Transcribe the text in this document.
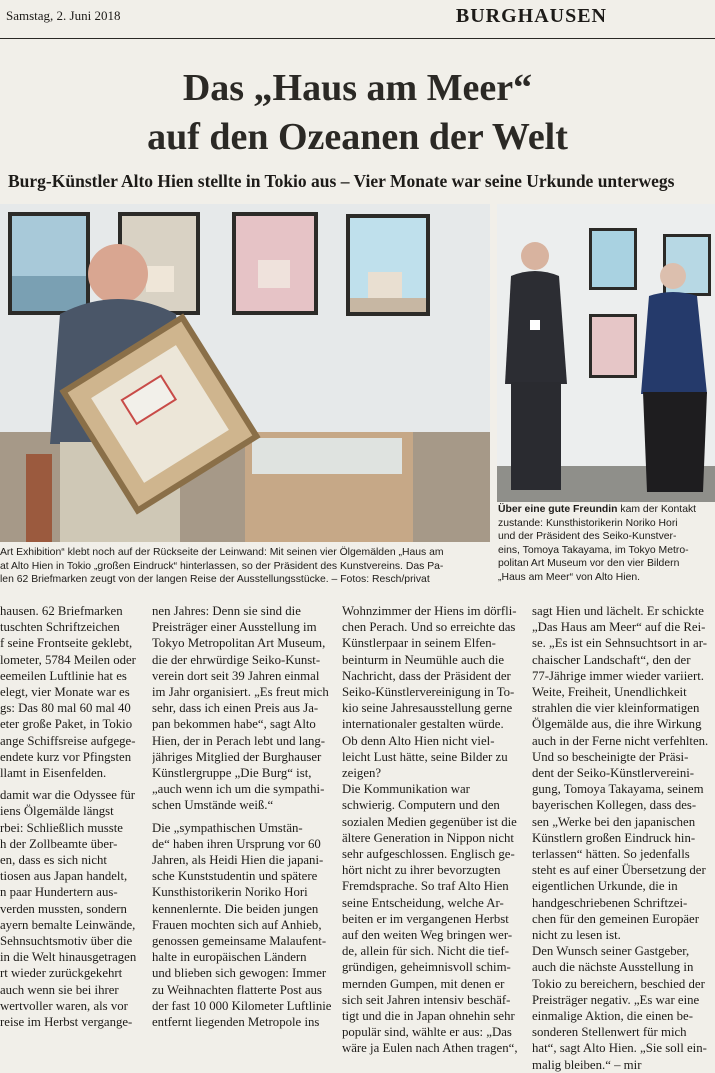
Samstag, 2. Juni 2018	BURGHAUSEN
Das „Haus am Meer“
auf den Ozeanen der Welt
Burg-Künstler Alto Hien stellte in Tokio aus – Vier Monate war seine Urkunde unterwegs
Art Exhibition“ klebt noch auf der Rückseite der Leinwand: Mit seinen vier Ölgemälden „Haus am
at Alto Hien in Tokio „großen Eindruck“ hinterlassen, so der Präsident des Kunstvereins. Das Pa-
len 62 Briefmarken zeugt von der langen Reise der Ausstellungsstücke. – Fotos: Resch/privat
Über eine gute Freundin kam der Kontakt
zustande: Kunsthistorikerin Noriko Hori
und der Präsident des Seiko-Kunstver-
eins, Tomoya Takayama, im Tokyo Metro-
politan Art Museum vor den vier Bildern
„Haus am Meer“ von Alto Hien.
hausen. 62 Briefmarken
tuschten Schriftzeichen
f seine Frontseite geklebt,
lometer, 5784 Meilen oder
eemeilen Luftlinie hat es
elegt, vier Monate war es
gs: Das 80 mal 60 mal 40
eter große Paket, in Tokio
ange Schiffsreise aufgege-
endete kurz vor Pfingsten
llamt in Eisenfelden.
damit war die Odyssee für
iens Ölgemälde längst
rbei: Schließlich musste
h der Zollbeamte über-
en, dass es sich nicht
tiosen aus Japan handelt,
n paar Hundertern aus-
verden mussten, sondern
ayern bemalte Leinwände,
Sehnsuchtsmotiv über die
in die Welt hinausgetragen
rt wieder zurückgekehrt
auch wenn sie bei ihrer
wertvoller waren, als vor
reise im Herbst vergange-
nen Jahres: Denn sie sind die
Preisträger einer Ausstellung im
Tokyo Metropolitan Art Museum,
die der ehrwürdige Seiko-Kunst-
verein dort seit 39 Jahren einmal
im Jahr organisiert. „Es freut mich
sehr, dass ich einen Preis aus Ja-
pan bekommen habe“, sagt Alto
Hien, der in Perach lebt und lang-
jähriges Mitglied der Burghauser
Künstlergruppe „Die Burg“ ist,
„auch wenn ich um die sympathi-
schen Umstände weiß.“
Die „sympathischen Umstän-
de“ haben ihren Ursprung vor 60
Jahren, als Heidi Hien die japani-
sche Kunststudentin und spätere
Kunsthistorikerin Noriko Hori
kennenlernte. Die beiden jungen
Frauen mochten sich auf Anhieb,
genossen gemeinsame Malaufent-
halte in europäischen Ländern
und blieben sich gewogen: Immer
zu Weihnachten flatterte Post aus
der fast 10 000 Kilometer Luftlinie
entfernt liegenden Metropole ins
Wohnzimmer der Hiens im dörfli-
chen Perach. Und so erreichte das
Künstlerpaar in seinem Elfen-
beinturm in Neumühle auch die
Nachricht, dass der Präsident der
Seiko-Künstlervereinigung in To-
kio seine Jahresausstellung gerne
internationaler gestalten würde.
Ob denn Alto Hien nicht viel-
leicht Lust hätte, seine Bilder zu
zeigen?
Die Kommunikation war
schwierig. Computern und den
sozialen Medien gegenüber ist die
ältere Generation in Nippon nicht
sehr aufgeschlossen. Englisch ge-
hört nicht zu ihrer bevorzugten
Fremdsprache. So traf Alto Hien
seine Entscheidung, welche Ar-
beiten er im vergangenen Herbst
auf den weiten Weg bringen wer-
de, allein für sich. Nicht die tief-
gründigen, geheimnisvoll schim-
mernden Gumpen, mit denen er
sich seit Jahren intensiv beschäf-
tigt und die in Japan ohnehin sehr
populär sind, wählte er aus: „Das
wäre ja Eulen nach Athen tragen“,
sagt Hien und lächelt. Er schickte
„Das Haus am Meer“ auf die Rei-
se. „Es ist ein Sehnsuchtsort in ar-
chaischer Landschaft“, den der
77-Jährige immer wieder variiert.
Weite, Freiheit, Unendlichkeit
strahlen die vier kleinformatigen
Ölgemälde aus, die ihre Wirkung
auch in der Ferne nicht verfehlten.
Und so bescheinigte der Präsi-
dent der Seiko-Künstlervereini-
gung, Tomoya Takayama, seinem
bayerischen Kollegen, dass des-
sen „Werke bei den japanischen
Künstlern großen Eindruck hin-
terlassen“ hätten. So jedenfalls
steht es auf einer Übersetzung der
eigentlichen Urkunde, die in
handgeschriebenen Schriftzei-
chen für den gemeinen Europäer
nicht zu lesen ist.
Den Wunsch seiner Gastgeber,
auch die nächste Ausstellung in
Tokio zu bereichern, beschied der
Preisträger negativ. „Es war eine
einmalige Aktion, die einen be-
sonderen Stellenwert für mich
hat“, sagt Alto Hien. „Sie soll ein-
malig bleiben.“ – mir
